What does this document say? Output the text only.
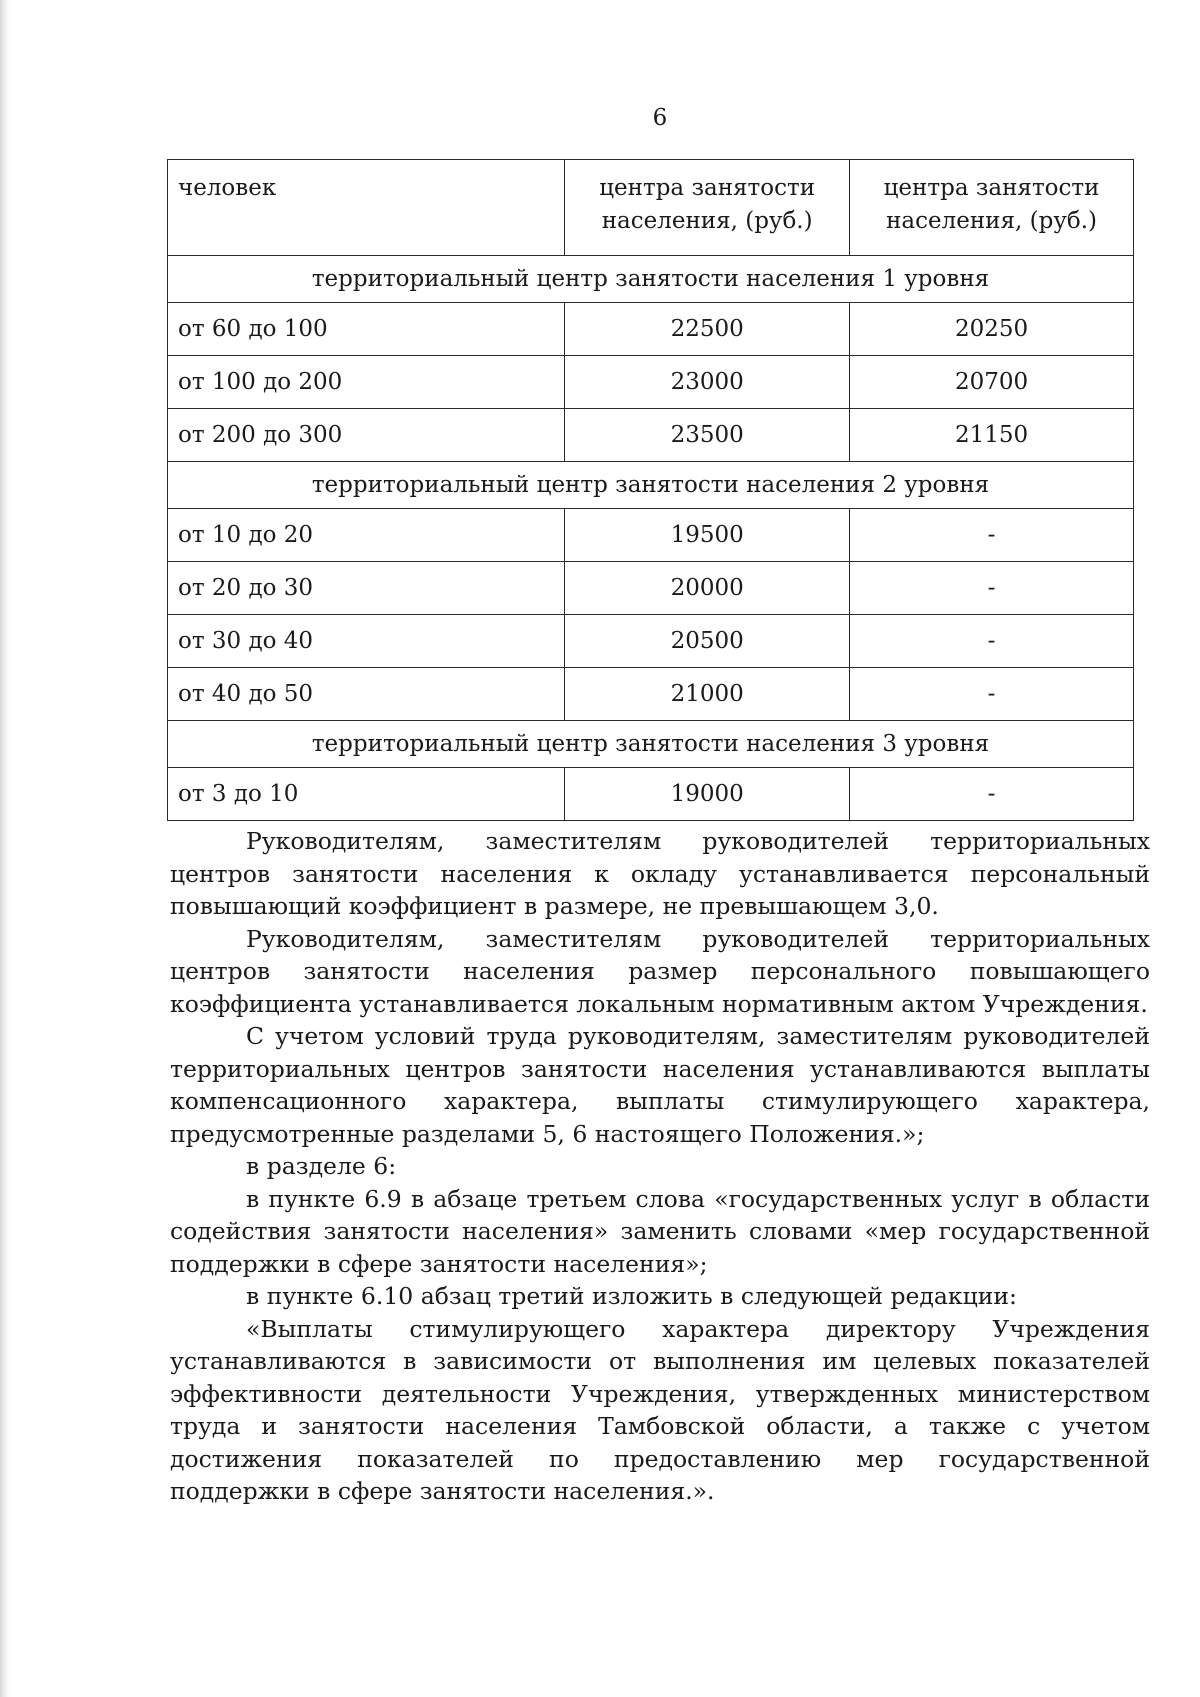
6
человек	центра занятости населения, (руб.)	центра занятости населения, (руб.)
территориальный центр занятости населения 1 уровня		
от 60 до 100	22500	20250
от 100 до 200	23000	20700
от 200 до 300	23500	21150
территориальный центр занятости населения 2 уровня		
от 10 до 20	19500	-
от 20 до 30	20000	-
от 30 до 40	20500	-
от 40 до 50	21000	-
территориальный центр занятости населения 3 уровня		
от 3 до 10	19000	-

Руководителям, заместителям руководителей территориальных центров занятости населения к окладу устанавливается персональный повышающий коэффициент в размере, не превышающем 3,0.

Руководителям, заместителям руководителей территориальных центров занятости населения размер персонального повышающего коэффициента устанавливается локальным нормативным актом Учреждения.

С учетом условий труда руководителям, заместителям руководителей территориальных центров занятости населения устанавливаются выплаты компенсационного характера, выплаты стимулирующего характера, предусмотренные разделами 5, 6 настоящего Положения.»;

в разделе 6:

в пункте 6.9 в абзаце третьем слова «государственных услуг в области содействия занятости населения» заменить словами «мер государственной поддержки в сфере занятости населения»;

в пункте 6.10 абзац третий изложить в следующей редакции:

«Выплаты стимулирующего характера директору Учреждения устанавливаются в зависимости от выполнения им целевых показателей эффективности деятельности Учреждения, утвержденных министерством труда и занятости населения Тамбовской области, а также с учетом достижения показателей по предоставлению мер государственной поддержки в сфере занятости населения.».
